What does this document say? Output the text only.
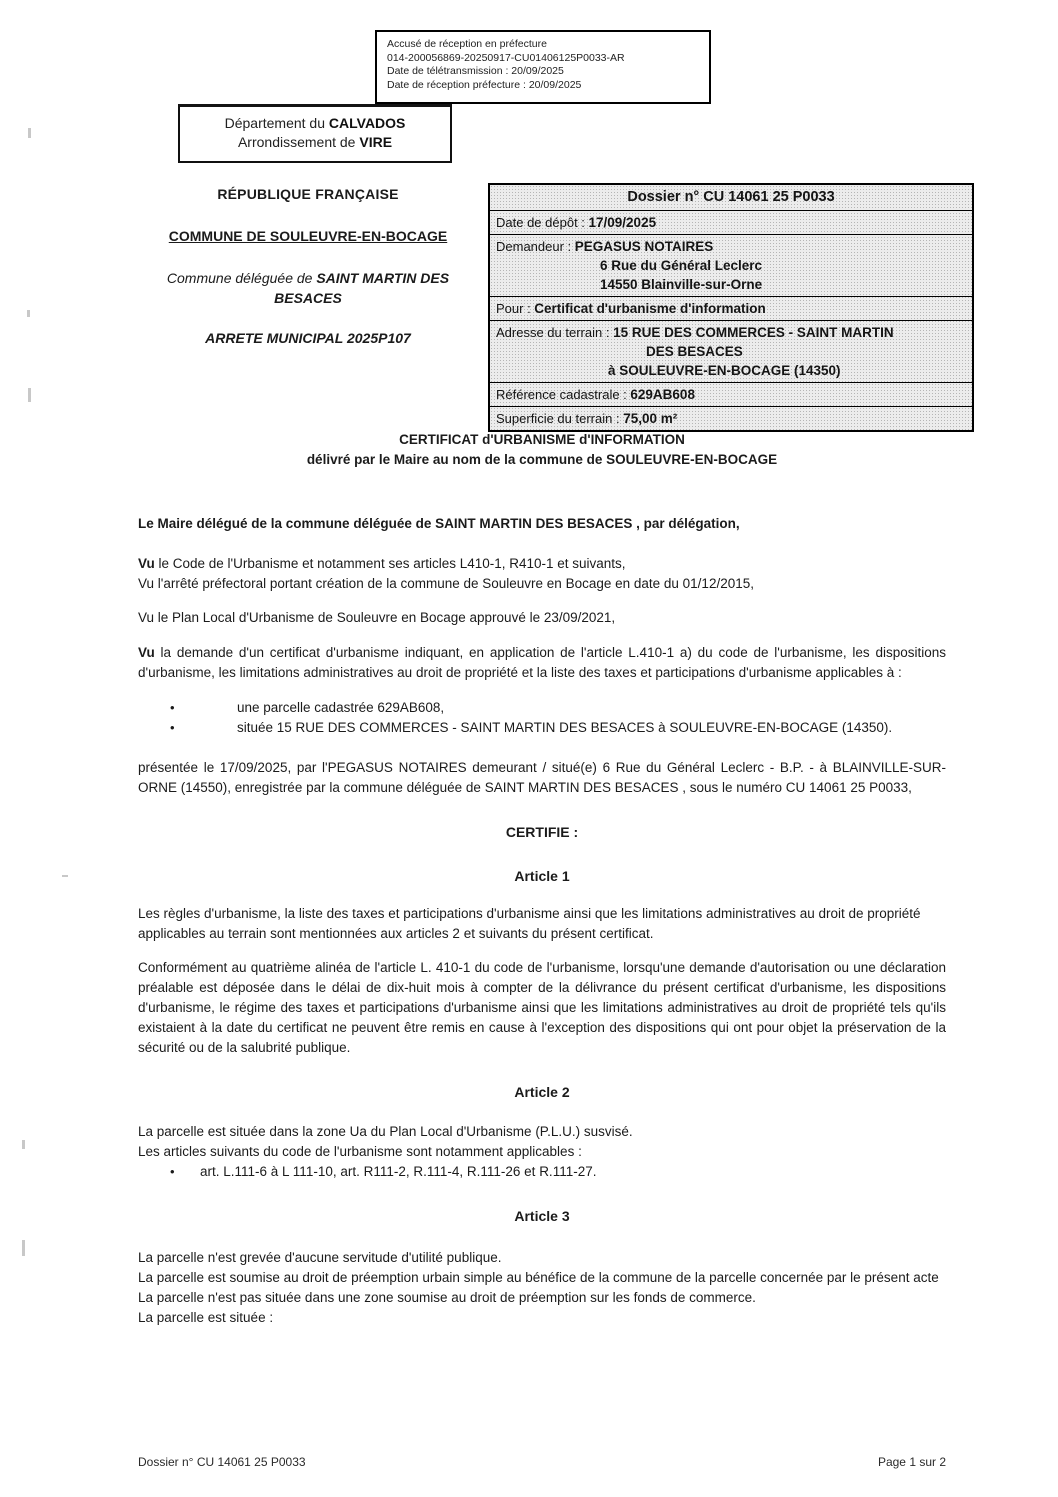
Accusé de réception en préfecture
014-200056869-20250917-CU01406125P0033-AR
Date de télétransmission : 20/09/2025
Date de réception préfecture : 20/09/2025
Département du CALVADOS
Arrondissement de VIRE

RÉPUBLIQUE FRANÇAISE

COMMUNE DE SOULEUVRE-EN-BOCAGE

Commune déléguée de SAINT MARTIN DES BESACES

ARRETE MUNICIPAL 2025P107

Dossier n° CU 14061 25 P0033
Date de dépôt : 17/09/2025
Demandeur : PEGASUS NOTAIRES
6 Rue du Général Leclerc
14550 Blainville-sur-Orne
Pour : Certificat d'urbanisme d'information
Adresse du terrain : 15 RUE DES COMMERCES - SAINT MARTIN
DES BESACES
à SOULEUVRE-EN-BOCAGE (14350)
Référence cadastrale : 629AB608
Superficie du terrain : 75,00 m²
CERTIFICAT d'URBANISME d'INFORMATION
délivré par le Maire au nom de la commune de SOULEUVRE-EN-BOCAGE

Le Maire délégué de la commune déléguée de SAINT MARTIN DES BESACES , par délégation,

Vu le Code de l'Urbanisme et notamment ses articles L410-1, R410-1 et suivants,

Vu l'arrêté préfectoral portant création de la commune de Souleuvre en Bocage en date du 01/12/2015,

Vu le Plan Local d'Urbanisme de Souleuvre en Bocage approuvé le 23/09/2021,

Vu la demande d'un certificat d'urbanisme indiquant, en application de l'article L.410-1 a) du code de l'urbanisme, les dispositions d'urbanisme, les limitations administratives au droit de propriété et la liste des taxes et participations d'urbanisme applicables à :

• une parcelle cadastrée 629AB608,
• située 15 RUE DES COMMERCES - SAINT MARTIN DES BESACES à SOULEUVRE-EN-BOCAGE (14350).

présentée le 17/09/2025, par l'PEGASUS NOTAIRES demeurant / situé(e) 6 Rue du Général Leclerc - B.P. - à BLAINVILLE-SUR-ORNE (14550), enregistrée par la commune déléguée de SAINT MARTIN DES BESACES , sous le numéro CU 14061 25 P0033,

CERTIFIE :
Article 1

Les règles d'urbanisme, la liste des taxes et participations d'urbanisme ainsi que les limitations administratives au droit de propriété applicables au terrain sont mentionnées aux articles 2 et suivants du présent certificat.

Conformément au quatrième alinéa de l'article L. 410-1 du code de l'urbanisme, lorsqu'une demande d'autorisation ou une déclaration préalable est déposée dans le délai de dix-huit mois à compter de la délivrance du présent certificat d'urbanisme, les dispositions d'urbanisme, le régime des taxes et participations d'urbanisme ainsi que les limitations administratives au droit de propriété tels qu'ils existaient à la date du certificat ne peuvent être remis en cause à l'exception des dispositions qui ont pour objet la préservation de la sécurité ou de la salubrité publique.

Article 2

La parcelle est située dans la zone Ua du Plan Local d'Urbanisme (P.L.U.) susvisé.

Les articles suivants du code de l'urbanisme sont notamment applicables :

• art. L.111-6 à L 111-10, art. R111-2, R.111-4, R.111-26 et R.111-27.
Article 3

La parcelle n'est grevée d'aucune servitude d'utilité publique.

La parcelle est soumise au droit de préemption urbain simple au bénéfice de la commune de la parcelle concernée par le présent acte

La parcelle n'est pas située dans une zone soumise au droit de préemption sur les fonds de commerce.

La parcelle est située :

Dossier n° CU 14061 25 P0033	Page 1 sur 2
